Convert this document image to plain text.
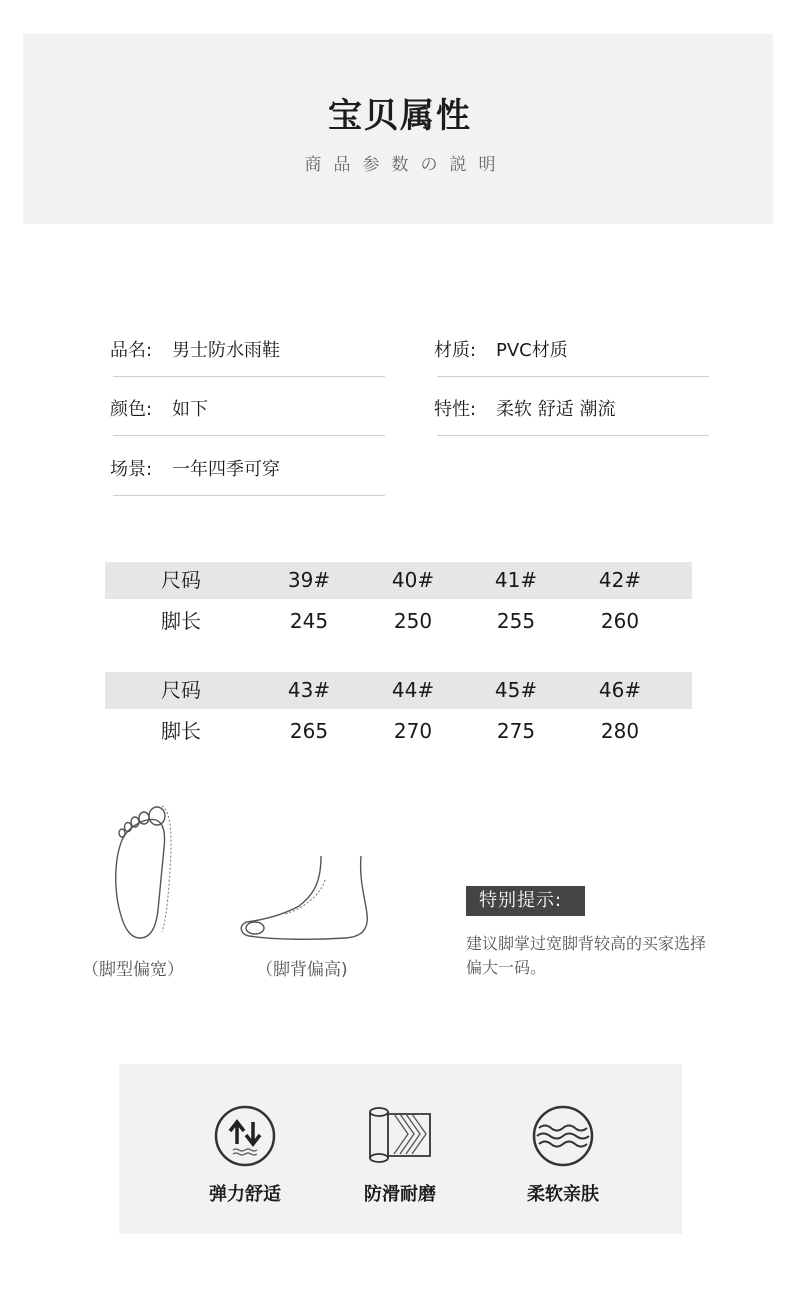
宝贝属性
商品参数の説明
品名: 男士防水雨鞋	材质: PVC材质
颜色: 如下	特性: 柔软 舒适 潮流
场景: 一年四季可穿
尺码	39#	40#	41#	42#
脚长	245	250	255	260
尺码	43#	44#	45#	46#
脚长	265	270	275	280
（脚型偏宽）	（脚背偏高)
特别提示:
建议脚掌过宽脚背较高的买家选择偏大一码。
弹力舒适	防滑耐磨	柔软亲肤
